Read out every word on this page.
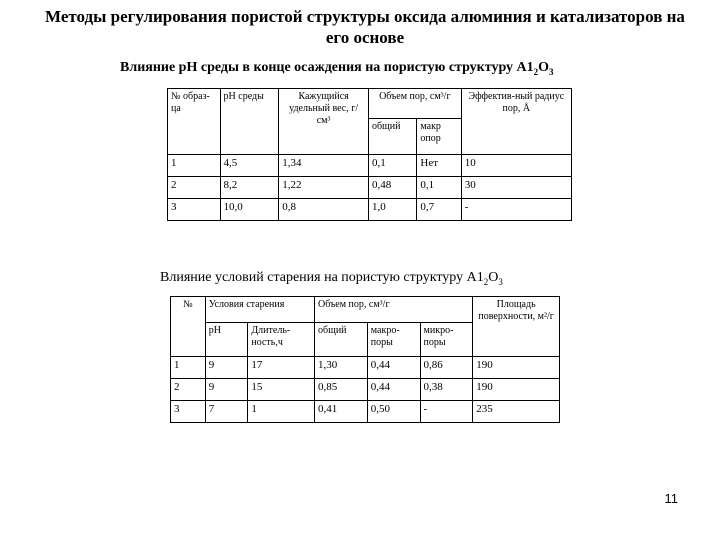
Методы регулирования пористой структуры оксида алюминия и катализаторов на его основе
Влияние рН среды в конце осаждения на пористую структуру $А1_2О_3$
№ образ-ца	рН среды	Кажущийся удельный вес, г/см³	Объем пор, см³/г		Эффектив-ный радиус пор, Å
			общий	макр опор	
1	4,5	1,34	0,1	Нет	10
2	8,2	1,22	0,48	0,1	30
3	10,0	0,8	1,0	0,7	-
Влияние условий старения на пористую структуру $А1_2О_3$
№	Условия старения		Объем пор, см³/г			Площадь поверхности, м²/г
	рН	Длитель-ность,ч	общий	макро-поры	микро-поры	
1	9	17	1,30	0,44	0,86	190
2	9	15	0,85	0,44	0,38	190
3	7	1	0,41	0,50	-	235
11
